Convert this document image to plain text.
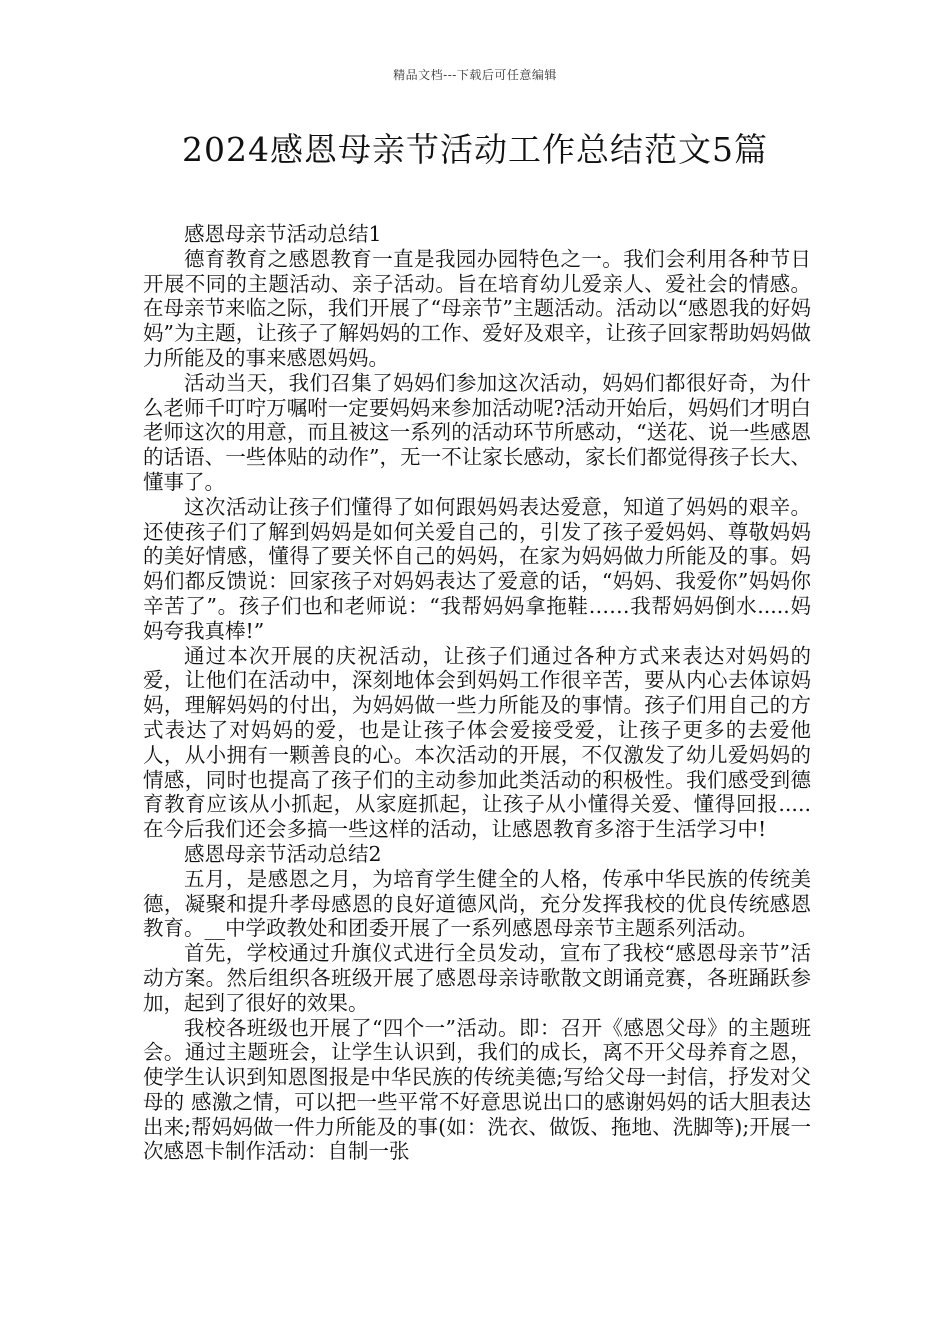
精品文档---下载后可任意编辑
2024感恩母亲节活动工作总结范文5篇

感恩母亲节活动总结1

德育教育之感恩教育一直是我园办园特色之一。我们会利用各种节日开展不同的主题活动、亲子活动。旨在培育幼儿爱亲人、爱社会的情感。在母亲节来临之际，我们开展了“母亲节”主题活动。活动以“感恩我的好妈妈”为主题，让孩子了解妈妈的工作、爱好及艰辛，让孩子回家帮助妈妈做力所能及的事来感恩妈妈。

活动当天，我们召集了妈妈们参加这次活动，妈妈们都很好奇，为什么老师千叮咛万嘱咐一定要妈妈来参加活动呢?活动开始后，妈妈们才明白老师这次的用意，而且被这一系列的活动环节所感动，“送花、说一些感恩的话语、一些体贴的动作”，无一不让家长感动，家长们都觉得孩子长大、懂事了。

这次活动让孩子们懂得了如何跟妈妈表达爱意，知道了妈妈的艰辛。还使孩子们了解到妈妈是如何关爱自己的，引发了孩子爱妈妈、尊敬妈妈的美好情感，懂得了要关怀自己的妈妈，在家为妈妈做力所能及的事。妈妈们都反馈说：回家孩子对妈妈表达了爱意的话，“妈妈、我爱你”妈妈你辛苦了”。孩子们也和老师说：“我帮妈妈拿拖鞋……我帮妈妈倒水.....妈妈夸我真棒!”

通过本次开展的庆祝活动，让孩子们通过各种方式来表达对妈妈的爱，让他们在活动中，深刻地体会到妈妈工作很辛苦，要从内心去体谅妈妈，理解妈妈的付出，为妈妈做一些力所能及的事情。孩子们用自己的方式表达了对妈妈的爱，也是让孩子体会爱接受爱，让孩子更多的去爱他人，从小拥有一颗善良的心。本次活动的开展，不仅激发了幼儿爱妈妈的情感，同时也提高了孩子们的主动参加此类活动的积极性。我们感受到德育教育应该从小抓起，从家庭抓起，让孩子从小懂得关爱、懂得回报.....在今后我们还会多搞一些这样的活动，让感恩教育多溶于生活学习中!

感恩母亲节活动总结2

五月，是感恩之月，为培育学生健全的人格，传承中华民族的传统美德，凝聚和提升孝母感恩的良好道德风尚，充分发挥我校的优良传统感恩教育。__中学政教处和团委开展了一系列感恩母亲节主题系列活动。

首先，学校通过升旗仪式进行全员发动，宣布了我校“感恩母亲节”活动方案。然后组织各班级开展了感恩母亲诗歌散文朗诵竞赛，各班踊跃参加，起到了很好的效果。

我校各班级也开展了“四个一”活动。即：召开《感恩父母》的主题班会。通过主题班会，让学生认识到，我们的成长，离不开父母养育之恩，使学生认识到知恩图报是中华民族的传统美德;写给父母一封信，抒发对父母的 感激之情，可以把一些平常不好意思说出口的感谢妈妈的话大胆表达出来;帮妈妈做一件力所能及的事(如：洗衣、做饭、拖地、洗脚等);开展一次感恩卡制作活动：自制一张
